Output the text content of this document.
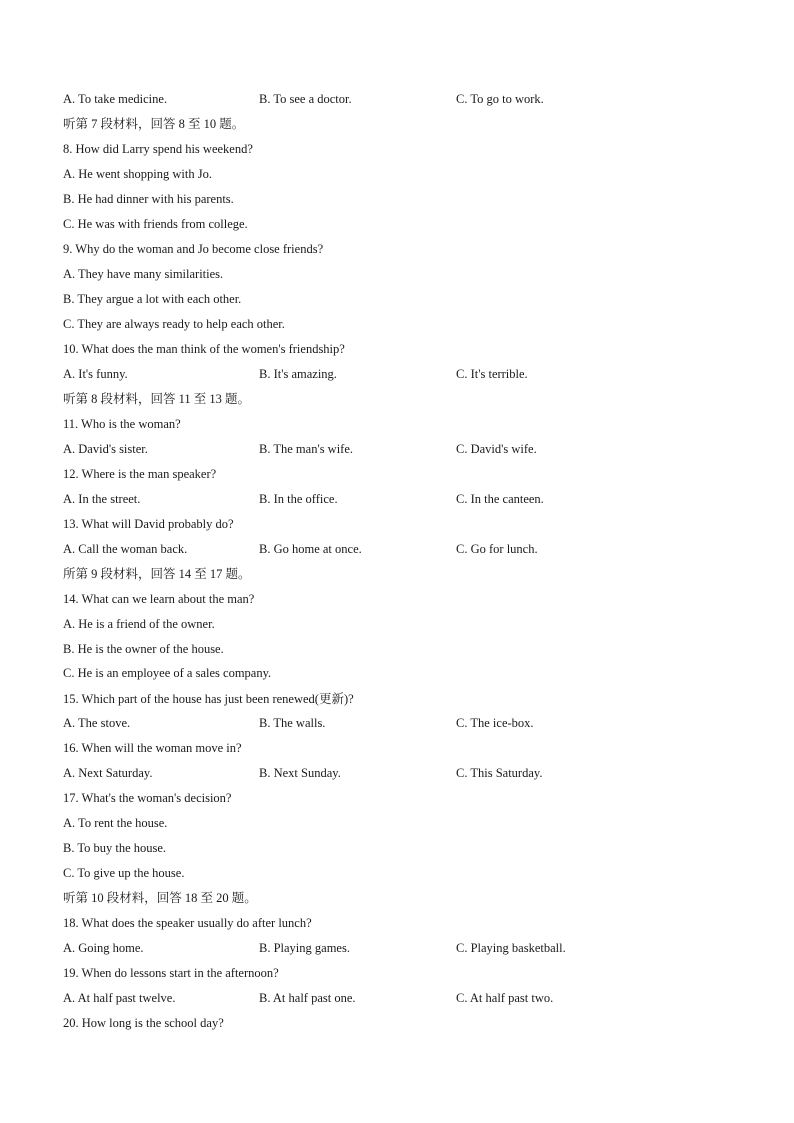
A. To take medicine.	B. To see a doctor.	C. To go to work.
听第 7 段材料，回答 8 至 10 题。
8. How did Larry spend his weekend?
A. He went shopping with Jo.
B. He had dinner with his parents.
C. He was with friends from college.
9. Why do the woman and Jo become close friends?
A. They have many similarities.
B. They argue a lot with each other.
C. They are always ready to help each other.
10. What does the man think of the women's friendship?
A. It's funny.	B. It's amazing.	C. It's terrible.
听第 8 段材料，回答 11 至 13 题。
11. Who is the woman?
A. David's sister.	B. The man's wife.	C. David's wife.
12. Where is the man speaker?
A. In the street.	B. In the office.	C. In the canteen.
13. What will David probably do?
A. Call the woman back.	B. Go home at once.	C. Go for lunch.
所第 9 段材料，回答 14 至 17 题。
14. What can we learn about the man?
A. He is a friend of the owner.
B. He is the owner of the house.
C. He is an employee of a sales company.
15. Which part of the house has just been renewed(更新)?
A. The stove.	B. The walls.	C. The ice-box.
16. When will the woman move in?
A. Next Saturday.	B. Next Sunday.	C. This Saturday.
17. What's the woman's decision?
A. To rent the house.
B. To buy the house.
C. To give up the house.
听第 10 段材料，回答 18 至 20 题。
18. What does the speaker usually do after lunch?
A. Going home.	B. Playing games.	C. Playing basketball.
19. When do lessons start in the afternoon?
A. At half past twelve.	B. At half past one.	C. At half past two.
20. How long is the school day?
